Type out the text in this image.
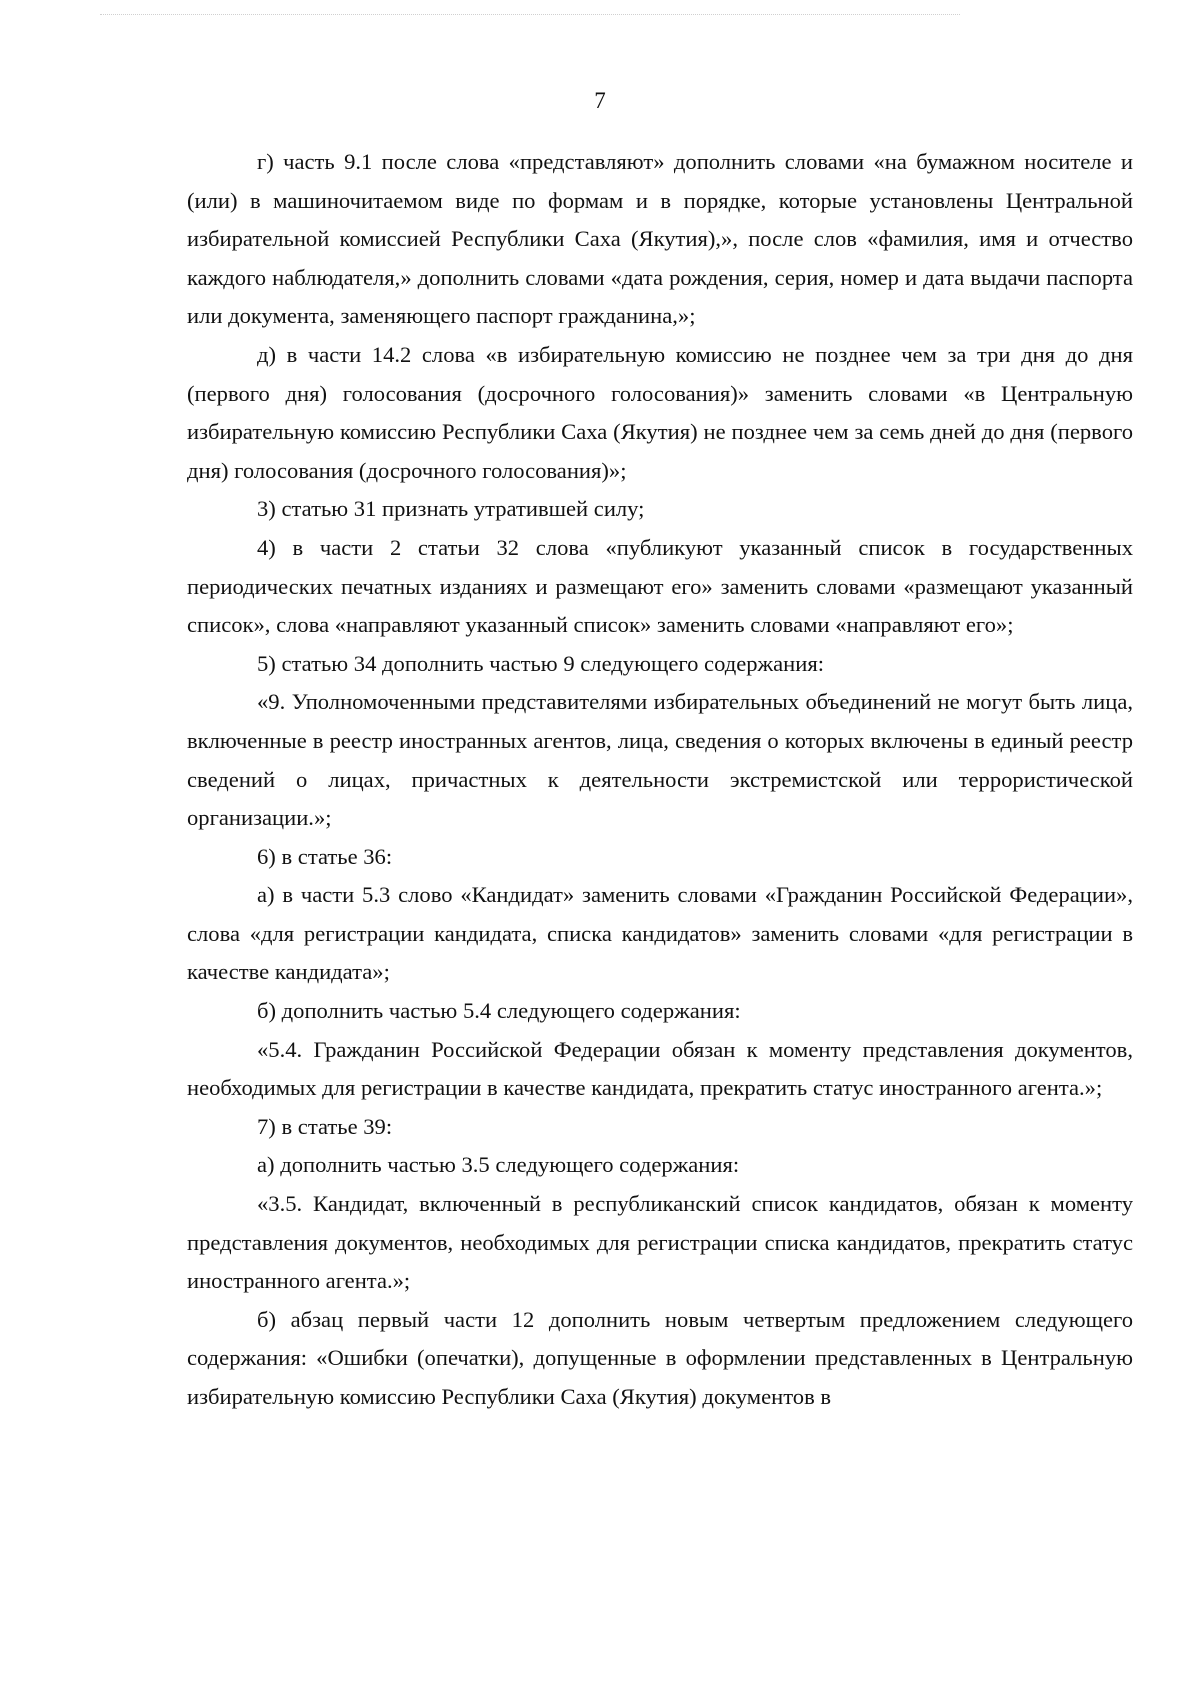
7

г) часть 9.1 после слова «представляют» дополнить словами «на бумажном носителе и (или) в машиночитаемом виде по формам и в порядке, которые установлены Центральной избирательной комиссией Республики Саха (Якутия),», после слов «фамилия, имя и отчество каждого наблюдателя,» дополнить словами «дата рождения, серия, номер и дата выдачи паспорта или документа, заменяющего паспорт гражданина,»;

д) в части 14.2 слова «в избирательную комиссию не позднее чем за три дня до дня (первого дня) голосования (досрочного голосования)» заменить словами «в Центральную избирательную комиссию Республики Саха (Якутия) не позднее чем за семь дней до дня (первого дня) голосования (досрочного голосования)»;

3) статью 31 признать утратившей силу;

4) в части 2 статьи 32 слова «публикуют указанный список в государственных периодических печатных изданиях и размещают его» заменить словами «размещают указанный список», слова «направляют указанный список» заменить словами «направляют его»;

5) статью 34 дополнить частью 9 следующего содержания:

«9. Уполномоченными представителями избирательных объединений не могут быть лица, включенные в реестр иностранных агентов, лица, сведения о которых включены в единый реестр сведений о лицах, причастных к деятельности экстремистской или террористической организации.»;

6) в статье 36:

а) в части 5.3 слово «Кандидат» заменить словами «Гражданин Российской Федерации», слова «для регистрации кандидата, списка кандидатов» заменить словами «для регистрации в качестве кандидата»;

б) дополнить частью 5.4 следующего содержания:

«5.4. Гражданин Российской Федерации обязан к моменту представления документов, необходимых для регистрации в качестве кандидата, прекратить статус иностранного агента.»;

7) в статье 39:

а) дополнить частью 3.5 следующего содержания:

«3.5. Кандидат, включенный в республиканский список кандидатов, обязан к моменту представления документов, необходимых для регистрации списка кандидатов, прекратить статус иностранного агента.»;

б) абзац первый части 12 дополнить новым четвертым предложением следующего содержания: «Ошибки (опечатки), допущенные в оформлении представленных в Центральную избирательную комиссию Республики Саха (Якутия) документов в
